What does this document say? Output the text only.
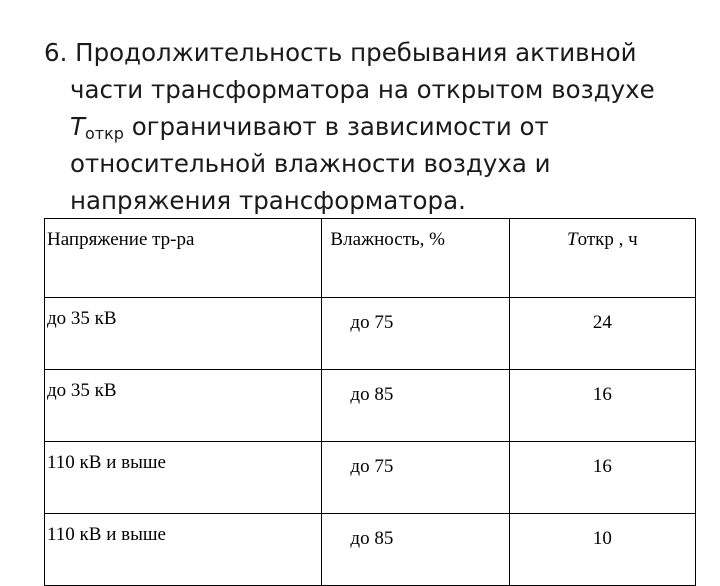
6. Продолжительность пребывания активной
части трансформатора на открытом воздухе
$T_{откр}$ ограничивают в зависимости от
относительной влажности воздуха и
напряжения трансформатора.
Напряжение тр-ра	Влажность, %	Tоткр , ч
до 35 кВ	до 75	24
до 35 кВ	до 85	16
110 кВ и выше	до 75	16
110 кВ и выше	до 85	10
